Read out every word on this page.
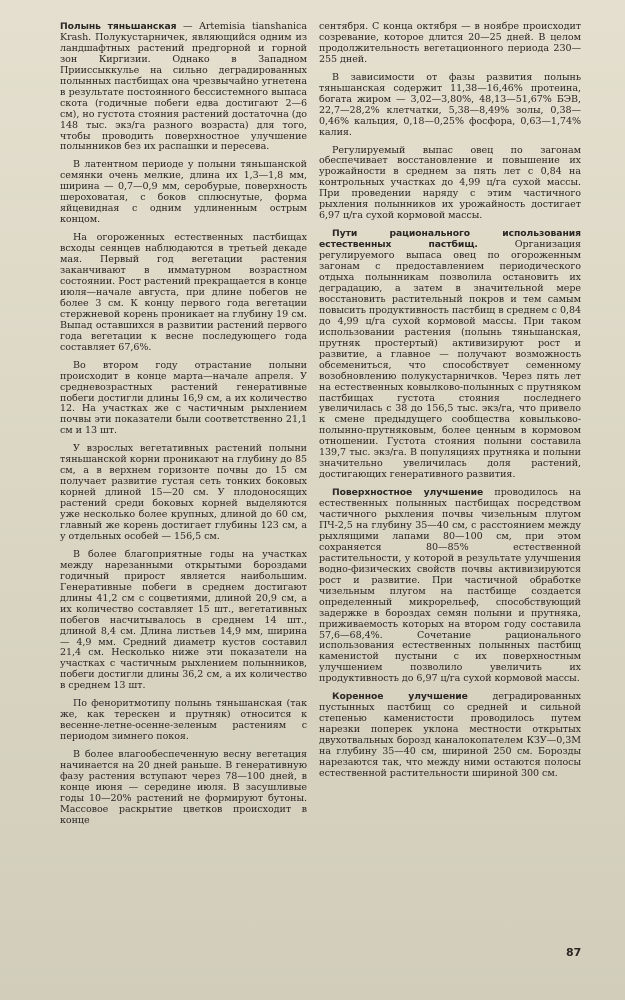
Полынь тяньшанская — Artemisia tianshanica Krash. Полукустарничек, являющийся одним из ландшафтных растений предгорной и горной зон Киргизии. Однако в Западном Прииссыккулье на сильно деградированных полынных пастбищах она чрезвычайно угнетена в результате постоянного бессистемного выпаса скота (годичные побеги едва достигают 2—6 см), но густота стояния растений достаточна (до 148 тыс. экз/га разного возраста) для того, чтобы проводить поверхностное улучшение полынников без их распашки и пересева.

В латентном периоде у полыни тяньшанской семянки очень мелкие, длина их 1,3—1,8 мм, ширина — 0,7—0,9 мм, серобурые, поверхность шероховатая, с боков сплюснутые, форма яйцевидная с одним удлиненным острым концом.

На огороженных естественных пастбищах всходы сеянцев наблюдаются в третьей декаде мая. Первый год вегетации растения заканчивают в имматурном возрастном состоянии. Рост растений прекращается в конце июля—начале августа, при длине побегов не более 3 см. К концу первого года вегетации стержневой корень проникает на глубину 19 см. Выпад оставшихся в развитии растений первого года вегетации к весне последующего года составляет 67,6%.

Во втором году отрастание полыни происходит в конце марта—начале апреля. У средневозрастных растений генеративные побеги достигли длины 16,9 см, а их количество 12. На участках же с частичным рыхлением почвы эти показатели были соответственно 21,1 см и 13 шт.

У взрослых вегетативных растений полыни тяньшанской корни проникают на глубину до 85 см, а в верхнем горизонте почвы до 15 см получает развитие густая сеть тонких боковых корней длиной 15—20 см. У плодоносящих растений среди боковых корней выделяются уже несколько более крупных, длиной до 60 см, главный же корень достигает глубины 123 см, а у отдельных особей — 156,5 см.

В более благоприятные годы на участках между нарезанными открытыми бороздами годичный прирост является наибольшим. Генеративные побеги в среднем достигают длины 41,2 см с соцветиями, длиной 20,9 см, а их количество составляет 15 шт., вегетативных побегов насчитывалось в среднем 14 шт., длиной 8,4 см. Длина листьев 14,9 мм, ширина — 4,9 мм. Средний диаметр кустов составил 21,4 см. Несколько ниже эти показатели на участках с частичным рыхлением полынников, побеги достигли длины 36,2 см, а их количество в среднем 13 шт.

По феноритмотипу полынь тяньшанская (так же, как терескен и прутняк) относится к весенне-летне-осенне-зеленым растениям с периодом зимнего покоя.

В более влагообеспеченную весну вегетация начинается на 20 дней раньше. В генеративную фазу растения вступают через 78—100 дней, в конце июня — середине июля. В засушливые годы 10—20% растений не формируют бутоны. Массовое раскрытие цветков происходит в конце

сентября. С конца октября — в ноябре происходит созревание, которое длится 20—25 дней. В целом продолжительность вегетационного периода 230—255 дней.

В зависимости от фазы развития полынь тяньшанская содержит 11,38—16,46% протеина, богата жиром — 3,02—3,80%, 48,13—51,67% БЭВ, 22,7—28,2% клетчатки, 5,38—8,49% золы, 0,38—0,46% кальция, 0,18—0,25% фосфора, 0,63—1,74% калия.

Регулируемый выпас овец по загонам обеспечивает восстановление и повышение их урожайности в среднем за пять лет с 0,84 на контрольных участках до 4,99 ц/га сухой массы. При проведении наряду с этим частичного рыхления полынников их урожайность достигает 6,97 ц/га сухой кормовой массы.

Пути рационального использования естественных пастбищ. Организация регулируемого выпаса овец по огороженным загонам с предоставлением периодического отдыха полынникам позволила остановить их деградацию, а затем в значительной мере восстановить растительный покров и тем самым повысить продуктивность пастбищ в среднем с 0,84 до 4,99 ц/га сухой кормовой массы. При таком использовании растения (полынь тяньшанская, прутняк простертый) активизируют рост и развитие, а главное — получают возможность обсемениться, что способствует семенному возобновлению полукустарничков. Через пять лет на естественных ковылково-полынных с прутняком пастбищах густота стояния последнего увеличилась с 38 до 156,5 тыс. экз/га, что привело к смене предыдущего сообщества ковыльково-полынно-прутняковым, более ценным в кормовом отношении. Густота стояния полыни составила 139,7 тыс. экз/га. В популяциях прутняка и полыни значительно увеличилась доля растений, достигающих генеративного развития.

Поверхностное улучшение проводилось на естественных полынных пастбищах посредством частичного рыхления почвы чизельным плугом ПЧ-2,5 на глубину 35—40 см, с расстоянием между рыхлящими лапами 80—100 см, при этом сохраняется 80—85% естественной растительности, у которой в результате улучшения водно-физических свойств почвы активизируются рост и развитие. При частичной обработке чизельным плугом на пастбище создается определенный микрорельеф, способствующий задержке в бороздах семян полыни и прутняка, приживаемость которых на втором году составила 57,6—68,4%. Сочетание рационального использования естественных полынных пастбищ каменистой пустыни с их поверхностным улучшением позволило увеличить их продуктивность до 6,97 ц/га сухой кормовой массы.

Коренное улучшение деградированных пустынных пастбищ со средней и сильной степенью каменистости проводилось путем нарезки поперек уклона местности открытых двухотвальных борозд каналокопателем КЗУ—0,3М на глубину 35—40 см, шириной 250 см. Борозды нарезаются так, что между ними остаются полосы естественной растительности шириной 300 см.

87
